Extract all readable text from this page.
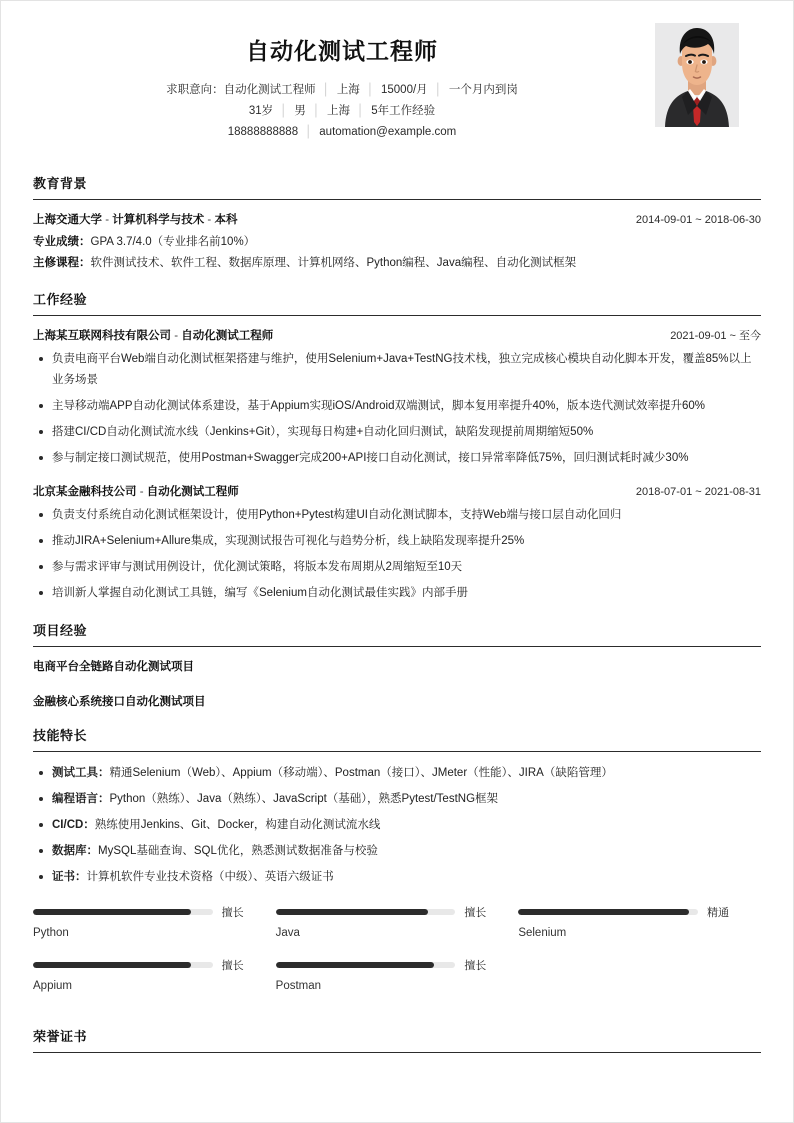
自动化测试工程师
求职意向：自动化测试工程师 │ 上海 │ 15000/月 │ 一个月内到岗
31岁 │ 男 │ 上海 │ 5年工作经验
18888888888 │ automation@example.com
教育背景
上海交通大学 - 计算机科学与技术 - 本科	2014-09-01 ~ 2018-06-30
专业成绩：GPA 3.7/4.0（专业排名前10%）
主修课程：软件测试技术、软件工程、数据库原理、计算机网络、Python编程、Java编程、自动化测试框架
工作经验
上海某互联网科技有限公司 - 自动化测试工程师	2021-09-01 ~ 至今
负责电商平台Web端自动化测试框架搭建与维护，使用Selenium+Java+TestNG技术栈，独立完成核心模块自动化脚本开发，覆盖85%以上业务场景
主导移动端APP自动化测试体系建设，基于Appium实现iOS/Android双端测试，脚本复用率提升40%，版本迭代测试效率提升60%
搭建CI/CD自动化测试流水线（Jenkins+Git），实现每日构建+自动化回归测试，缺陷发现提前周期缩短50%
参与制定接口测试规范，使用Postman+Swagger完成200+API接口自动化测试，接口异常率降低75%，回归测试耗时减少30%
北京某金融科技公司 - 自动化测试工程师	2018-07-01 ~ 2021-08-31
负责支付系统自动化测试框架设计，使用Python+Pytest构建UI自动化测试脚本，支持Web端与接口层自动化回归
推动JIRA+Selenium+Allure集成，实现测试报告可视化与趋势分析，线上缺陷发现率提升25%
参与需求评审与测试用例设计，优化测试策略，将版本发布周期从2周缩短至10天
培训新人掌握自动化测试工具链，编写《Selenium自动化测试最佳实践》内部手册
项目经验
电商平台全链路自动化测试项目
金融核心系统接口自动化测试项目
技能特长
测试工具：精通Selenium（Web）、Appium（移动端）、Postman（接口）、JMeter（性能）、JIRA（缺陷管理）
编程语言：Python（熟练）、Java（熟练）、JavaScript（基础），熟悉Pytest/TestNG框架
CI/CD：熟练使用Jenkins、Git、Docker，构建自动化测试流水线
数据库：MySQL基础查询、SQL优化，熟悉测试数据准备与校验
证书：计算机软件专业技术资格（中级）、英语六级证书
擅长
Python
擅长
Java
精通
Selenium
擅长
Appium
擅长
Postman
荣誉证书
